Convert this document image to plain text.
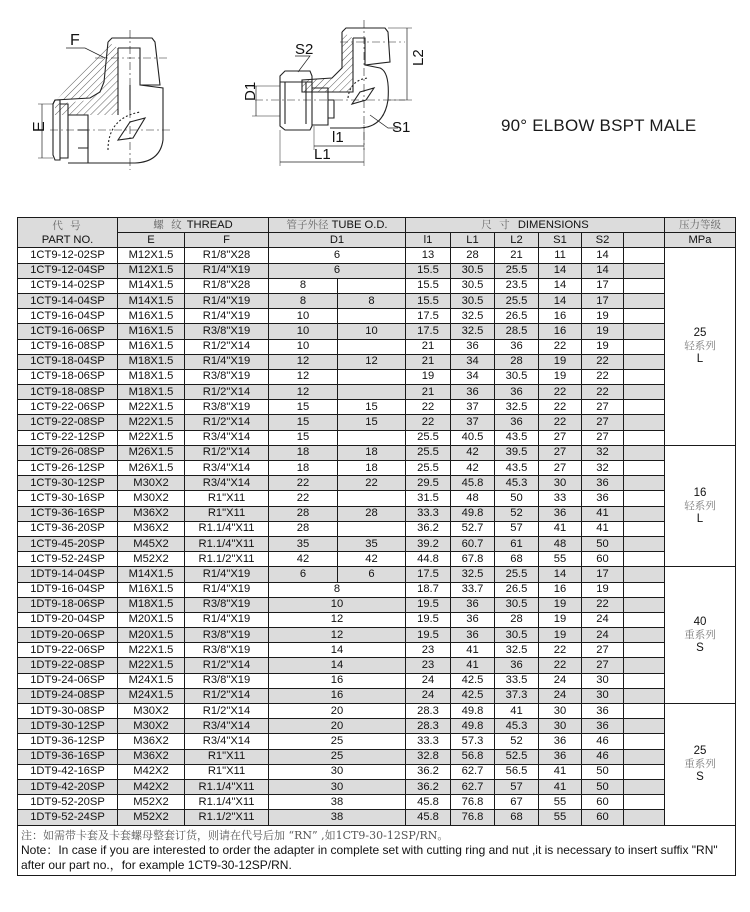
F
E
S2	L2
D1
S1
l1
L1
90° ELBOW BSPT MALE
代 号
PART NO.	螺 纹 THREAD		管子外径 TUBE O.D.		尺 寸 DIMENSIONS						压力等级
	E	F	D1		l1	L1	L2	S1	S2		MPa
1CT9-12-02SP	M12X1.5	R1/8"X28	6		13	28	21	11	14		25
轻系列
L

1CT9-12-04SP	M12X1.5	R1/4"X19	6		15.5	30.5	25.5	14	14		
1CT9-14-02SP	M14X1.5	R1/8"X28	8		15.5	30.5	23.5	14	17		
1CT9-14-04SP	M14X1.5	R1/4"X19	8	8	15.5	30.5	25.5	14	17		
1CT9-16-04SP	M16X1.5	R1/4"X19	10		17.5	32.5	26.5	16	19		
1CT9-16-06SP	M16X1.5	R3/8"X19	10	10	17.5	32.5	28.5	16	19		
1CT9-16-08SP	M16X1.5	R1/2"X14	10		21	36	36	22	19		
1CT9-18-04SP	M18X1.5	R1/4"X19	12	12	21	34	28	19	22		
1CT9-18-06SP	M18X1.5	R3/8"X19	12		19	34	30.5	19	22		
1CT9-18-08SP	M18X1.5	R1/2"X14	12		21	36	36	22	22		
1CT9-22-06SP	M22X1.5	R3/8"X19	15	15	22	37	32.5	22	27		
1CT9-22-08SP	M22X1.5	R1/2"X14	15	15	22	37	36	22	27		
1CT9-22-12SP	M22X1.5	R3/4"X14	15		25.5	40.5	43.5	27	27		
1CT9-26-08SP	M26X1.5	R1/2"X14	18	18	25.5	42	39.5	27	32		16
轻系列
L

1CT9-26-12SP	M26X1.5	R3/4"X14	18	18	25.5	42	43.5	27	32		
1CT9-30-12SP	M30X2	R3/4"X14	22	22	29.5	45.8	45.3	30	36		
1CT9-30-16SP	M30X2	R1"X11	22		31.5	48	50	33	36		
1CT9-36-16SP	M36X2	R1"X11	28	28	33.3	49.8	52	36	41		
1CT9-36-20SP	M36X2	R1.1/4"X11	28		36.2	52.7	57	41	41		
1CT9-45-20SP	M45X2	R1.1/4"X11	35	35	39.2	60.7	61	48	50		
1CT9-52-24SP	M52X2	R1.1/2"X11	42	42	44.8	67.8	68	55	60		
1DT9-14-04SP	M14X1.5	R1/4"X19	6	6	17.5	32.5	25.5	14	17		40
重系列
S

1DT9-16-04SP	M16X1.5	R1/4"X19	8		18.7	33.7	26.5	16	19		
1DT9-18-06SP	M18X1.5	R3/8"X19	10		19.5	36	30.5	19	22		
1DT9-20-04SP	M20X1.5	R1/4"X19	12		19.5	36	28	19	24		
1DT9-20-06SP	M20X1.5	R3/8"X19	12		19.5	36	30.5	19	24		
1DT9-22-06SP	M22X1.5	R3/8"X19	14		23	41	32.5	22	27		
1DT9-22-08SP	M22X1.5	R1/2"X14	14		23	41	36	22	27		
1DT9-24-06SP	M24X1.5	R3/8"X19	16		24	42.5	33.5	24	30		
1DT9-24-08SP	M24X1.5	R1/2"X14	16		24	42.5	37.3	24	30		
1DT9-30-08SP	M30X2	R1/2"X14	20		28.3	49.8	41	30	36		25
重系列
S

1DT9-30-12SP	M30X2	R3/4"X14	20		28.3	49.8	45.3	30	36		
1DT9-36-12SP	M36X2	R3/4"X14	25		33.3	57.3	52	36	46		
1DT9-36-16SP	M36X2	R1"X11	25		32.8	56.8	52.5	36	46		
1DT9-42-16SP	M42X2	R1"X11	30		36.2	62.7	56.5	41	50		
1DT9-42-20SP	M42X2	R1.1/4"X11	30		36.2	62.7	57	41	50		
1DT9-52-20SP	M52X2	R1.1/4"X11	38		45.8	76.8	67	55	60		
1DT9-52-24SP	M52X2	R1.1/2"X11	38		45.8	76.8	68	55	60		
注：如需带卡套及卡套螺母整套订货，则请在代号后加 “RN” ,如1CT9-30-12SP/RN。
Note：In case if you are interested to order the adapter in complete set with cutting ring and nut ,it is necessary to insert suffix "RN" after our part no.，for example 1CT9-30-12SP/RN.											
